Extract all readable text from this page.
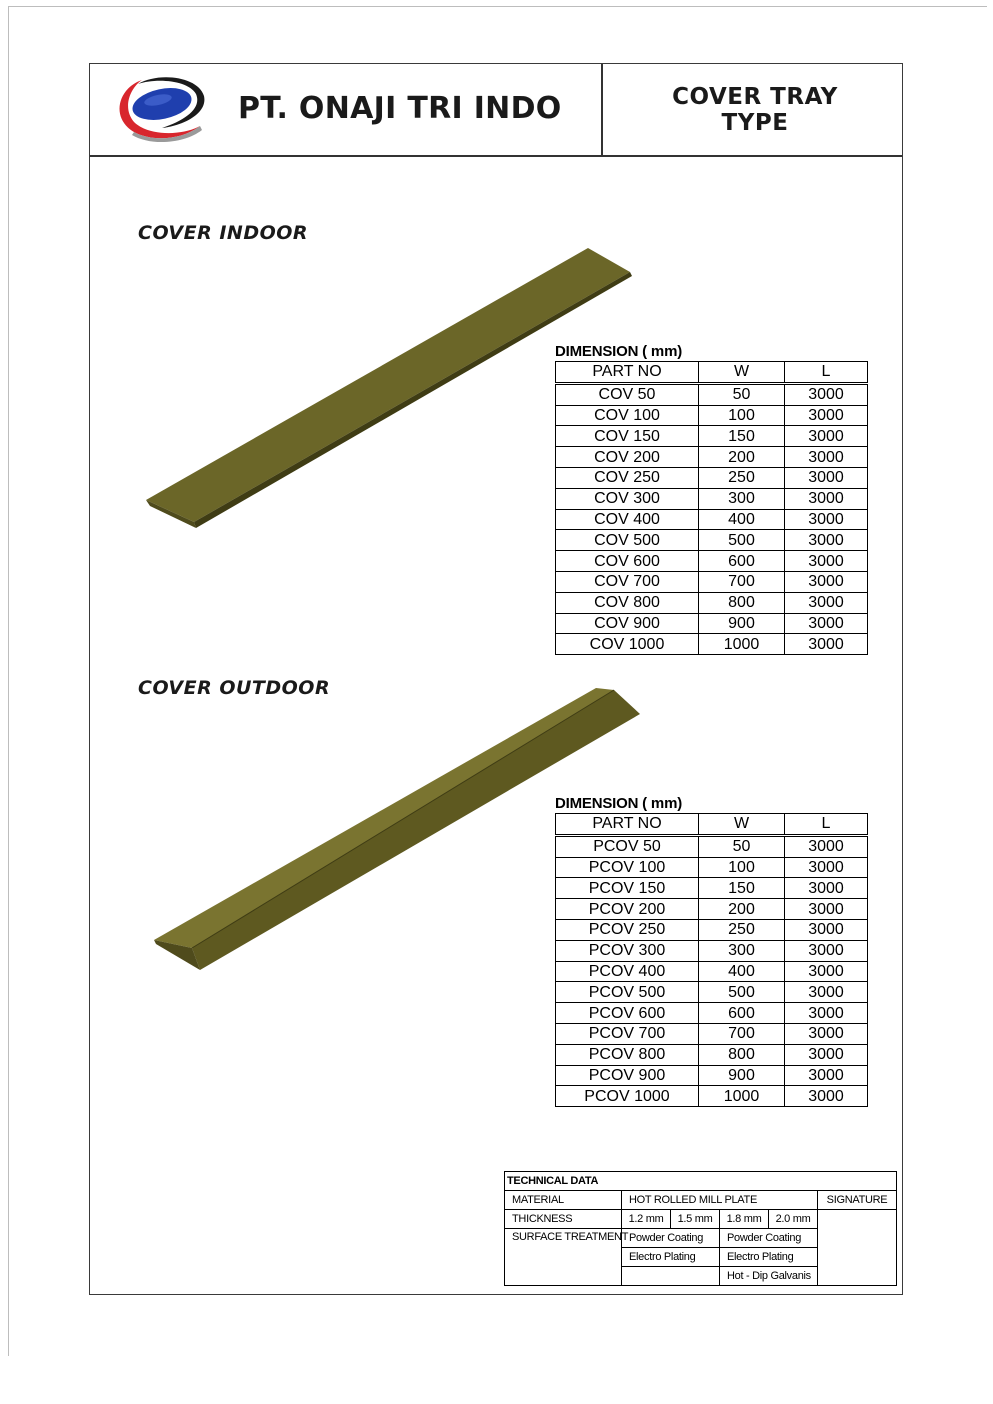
PT. ONAJI TRI INDO	COVER TRAY
TYPE
COVER INDOOR
DIMENSION ( mm)
PART NO	W	L
COV 50	50	3000
COV 100	100	3000
COV 150	150	3000
COV 200	200	3000
COV 250	250	3000
COV 300	300	3000
COV 400	400	3000
COV 500	500	3000
COV 600	600	3000
COV 700	700	3000
COV 800	800	3000
COV 900	900	3000
COV 1000	1000	3000
COVER OUTDOOR
DIMENSION ( mm)
PART NO	W	L
PCOV 50	50	3000
PCOV 100	100	3000
PCOV 150	150	3000
PCOV 200	200	3000
PCOV 250	250	3000
PCOV 300	300	3000
PCOV 400	400	3000
PCOV 500	500	3000
PCOV 600	600	3000
PCOV 700	700	3000
PCOV 800	800	3000
PCOV 900	900	3000
PCOV 1000	1000	3000
TECHNICAL DATA					
MATERIAL	HOT ROLLED MILL PLATE				SIGNATURE
THICKNESS	1.2 mm	1.5 mm	1.8 mm	2.0 mm	
SURFACE TREATMENT	Powder Coating		Powder Coating		
	Electro Plating		Electro Plating		
			Hot - Dip Galvanis		
